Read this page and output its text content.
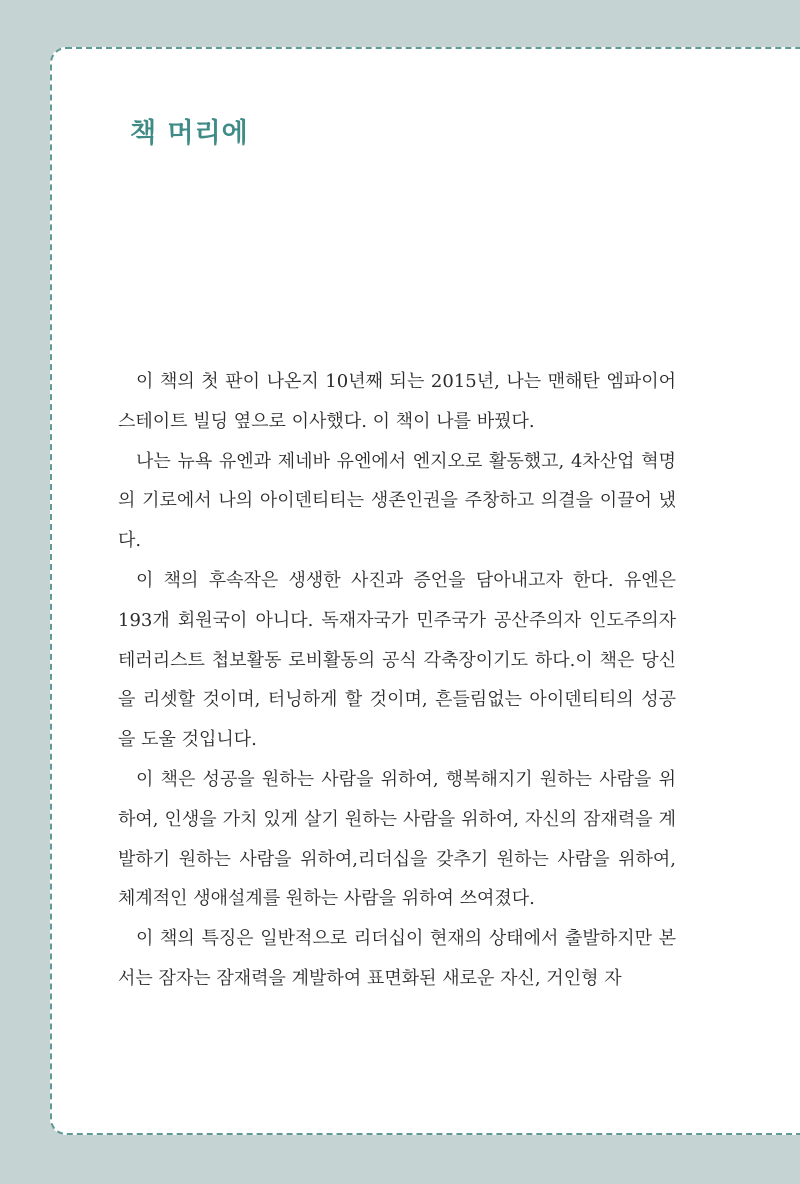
책 머리에

이 책의 첫 판이 나온지 10년째 되는 2015년, 나는 맨해탄 엠파이어스테이트 빌딩 옆으로 이사했다. 이 책이 나를 바꿨다.

나는 뉴욕 유엔과 제네바 유엔에서 엔지오로 활동했고, 4차산업 혁명의 기로에서 나의 아이덴티티는 생존인권을 주창하고 의결을 이끌어 냈다.

이 책의 후속작은 생생한 사진과 증언을 담아내고자 한다. 유엔은 193개 회원국이 아니다. 독재자국가 민주국가 공산주의자 인도주의자 테러리스트 첩보활동 로비활동의 공식 각축장이기도 하다.이 책은 당신을 리셋할 것이며, 터닝하게 할 것이며, 흔들림없는 아이덴티티의 성공을 도울 것입니다.

이 책은 성공을 원하는 사람을 위하여, 행복해지기 원하는 사람을 위하여, 인생을 가치 있게 살기 원하는 사람을 위하여, 자신의 잠재력을 계발하기 원하는 사람을 위하여,리더십을 갖추기 원하는 사람을 위하여, 체계적인 생애설계를 원하는 사람을 위하여 쓰여졌다.

이 책의 특징은 일반적으로 리더십이 현재의 상태에서 출발하지만 본서는 잠자는 잠재력을 계발하여 표면화된 새로운 자신, 거인형 자
